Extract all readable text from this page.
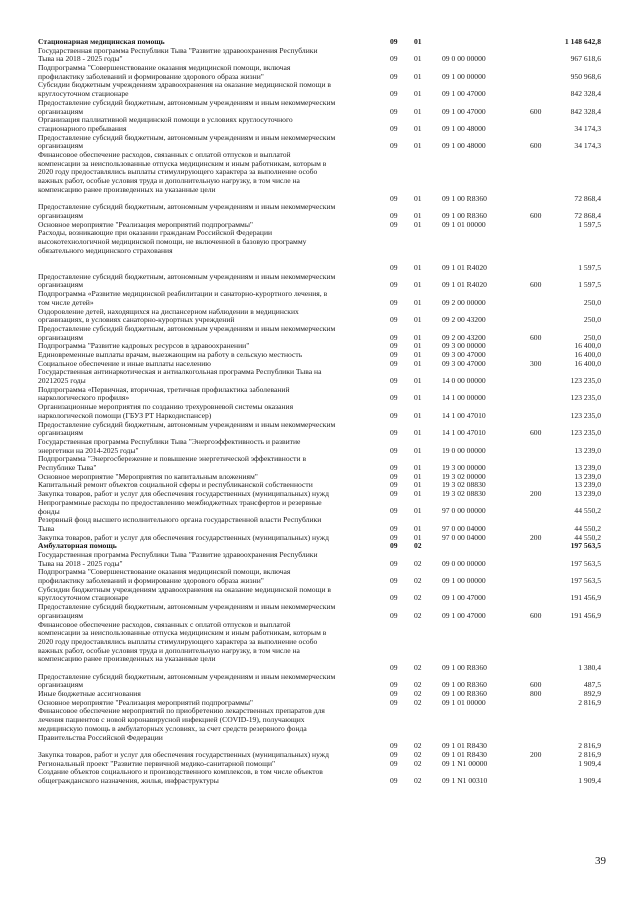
Стационарная медицинская помощь	09	01	1 148 642,8
Государственная программа Республики Тыва "Развитие здравоохранения Республики
Тыва на 2018 - 2025 годы"	09	01	09 0 00 00000	967 618,6
Подпрограмма "Совершенствование оказания медицинской помощи, включая
профилактику заболеваний и формирование здорового образа жизни"	09	01	09 1 00 00000	950 968,6
Субсидии бюджетным учреждениям здравоохранения на оказание медицинской помощи в
круглосуточном стационаре	09	01	09 1 00 47000	842 328,4
Предоставление субсидий бюджетным, автономным учреждениям и иным некоммерческим
организациям	09	01	09 1 00 47000	600	842 328,4
Организация паллиативной медицинской помощи в условиях круглосуточного
стационарного пребывания	09	01	09 1 00 48000	34 174,3
Предоставление субсидий бюджетным, автономным учреждениям и иным некоммерческим
организациям	09	01	09 1 00 48000	600	34 174,3
Финансовое обеспечение расходов, связанных с оплатой отпусков и выплатой
компенсации за неиспользованные отпуска медицинским и иным работникам, которым в
2020 году предоставлялись выплаты стимулирующего характера за выполнение особо
важных работ, особые условия труда и дополнительную нагрузку, в том числе на
компенсацию ранее произведенных на указанные цели
09	01	09 1 00 R8360	72 868,4
Предоставление субсидий бюджетным, автономным учреждениям и иным некоммерческим
организациям	09	01	09 1 00 R8360	600	72 868,4
Основное мероприятие "Реализация мероприятий подпрограммы"	09	01	09 1 01 00000	1 597,5
Расходы, возникающие при оказании гражданам Российской Федерации
высокотехнологичной медицинской помощи, не включенной в базовую программу
обязательного медицинского страхования
09	01	09 1 01 R4020	1 597,5
Предоставление субсидий бюджетным, автономным учреждениям и иным некоммерческим
организациям	09	01	09 1 01 R4020	600	1 597,5
Подпрограмма «Развитие медицинской реабилитации и санаторно-курортного лечения, в
том числе детей»	09	01	09 2 00 00000	250,0
Оздоровление детей, находящихся на диспансерном наблюдении в медицинских
организациях, в условиях санаторно-курортных учреждений	09	01	09 2 00 43200	250,0
Предоставление субсидий бюджетным, автономным учреждениям и иным некоммерческим
организациям	09	01	09 2 00 43200	600	250,0
Подпрограмма "Развитие кадровых ресурсов в здравоохранении"	09	01	09 3 00 00000	16 400,0
Единовременные выплаты врачам, выезжающим на работу в сельскую местность	09	01	09 3 00 47000	16 400,0
Социальное обеспечение и иные выплаты населению	09	01	09 3 00 47000	300	16 400,0
Государственная антинаркотическая и антиалкогольная программа Республики Тыва на
20212025 годы	09	01	14 0 00 00000	123 235,0
Подпрограмма «Первичная, вторичная, третичная профилактика заболеваний
наркологического профиля»	09	01	14 1 00 00000	123 235,0
Организационные мероприятия по созданию трехуровневой системы оказания
наркологической помощи (ГБУЗ РТ Наркодиспансер)	09	01	14 1 00 47010	123 235,0
Предоставление субсидий бюджетным, автономным учреждениям и иным некоммерческим
организациям	09	01	14 1 00 47010	600	123 235,0
Государственная программа Республики Тыва "Энергоэффективность и развитие
энергетики на 2014-2025 годы"	09	01	19 0 00 00000	13 239,0
Подпрограмма "Энергосбережение и повышение энергетической эффективности в
Республике Тыва"	09	01	19 3 00 00000	13 239,0
Основное мероприятие "Мероприятия по капитальным вложениям"	09	01	19 3 02 00000	13 239,0
Капитальный ремонт объектов социальной сферы и республиканской собственности	09	01	19 3 02 08830	13 239,0
Закупка товаров, работ и услуг для обеспечения государственных (муниципальных) нужд	09	01	19 3 02 08830	200	13 239,0
Непрограммные расходы по предоставлению межбюджетных трансфертов и резервные
фонды	09	01	97 0 00 00000	44 550,2
Резервный фонд высшего исполнительного органа государственной власти Республики
Тыва	09	01	97 0 00 04000	44 550,2
Закупка товаров, работ и услуг для обеспечения государственных (муниципальных) нужд	09	01	97 0 00 04000	200	44 550,2
Амбулаторная помощь	09	02	197 563,5
Государственная программа Республики Тыва "Развитие здравоохранения Республики
Тыва на 2018 - 2025 годы"	09	02	09 0 00 00000	197 563,5
Подпрограмма "Совершенствование оказания медицинской помощи, включая
профилактику заболеваний и формирование здорового образа жизни"	09	02	09 1 00 00000	197 563,5
Субсидии бюджетным учреждениям здравоохранения на оказание медицинской помощи в
круглосуточном стационаре	09	02	09 1 00 47000	191 456,9
Предоставление субсидий бюджетным, автономным учреждениям и иным некоммерческим
организациям	09	02	09 1 00 47000	600	191 456,9
Финансовое обеспечение расходов, связанных с оплатой отпусков и выплатой
компенсации за неиспользованные отпуска медицинским и иным работникам, которым в
2020 году предоставлялись выплаты стимулирующего характера за выполнение особо
важных работ, особые условия труда и дополнительную нагрузку, в том числе на
компенсацию ранее произведенных на указанные цели
09	02	09 1 00 R8360	1 380,4
Предоставление субсидий бюджетным, автономным учреждениям и иным некоммерческим
организациям	09	02	09 1 00 R8360	600	487,5
Иные бюджетные ассигнования	09	02	09 1 00 R8360	800	892,9
Основное мероприятие "Реализация мероприятий подпрограммы"	09	02	09 1 01 00000	2 816,9
Финансовое обеспечение мероприятий по приобретению лекарственных препаратов для
лечения пациентов с новой коронавирусной инфекцией (COVID-19), получающих
медицинскую помощь в амбулаторных условиях, за счет средств резервного фонда
Правительства Российской Федерации
09	02	09 1 01 R8430	2 816,9
Закупка товаров, работ и услуг для обеспечения государственных (муниципальных) нужд	09	02	09 1 01 R8430	200	2 816,9
Региональный проект "Развитие первичной медико-санитарной помощи"	09	02	09 1 N1 00000	1 909,4
Создание объектов социального и производственного комплексов, в том числе объектов
общегражданского назначения, жилья, инфраструктуры	09	02	09 1 N1 00310	1 909,4
39
